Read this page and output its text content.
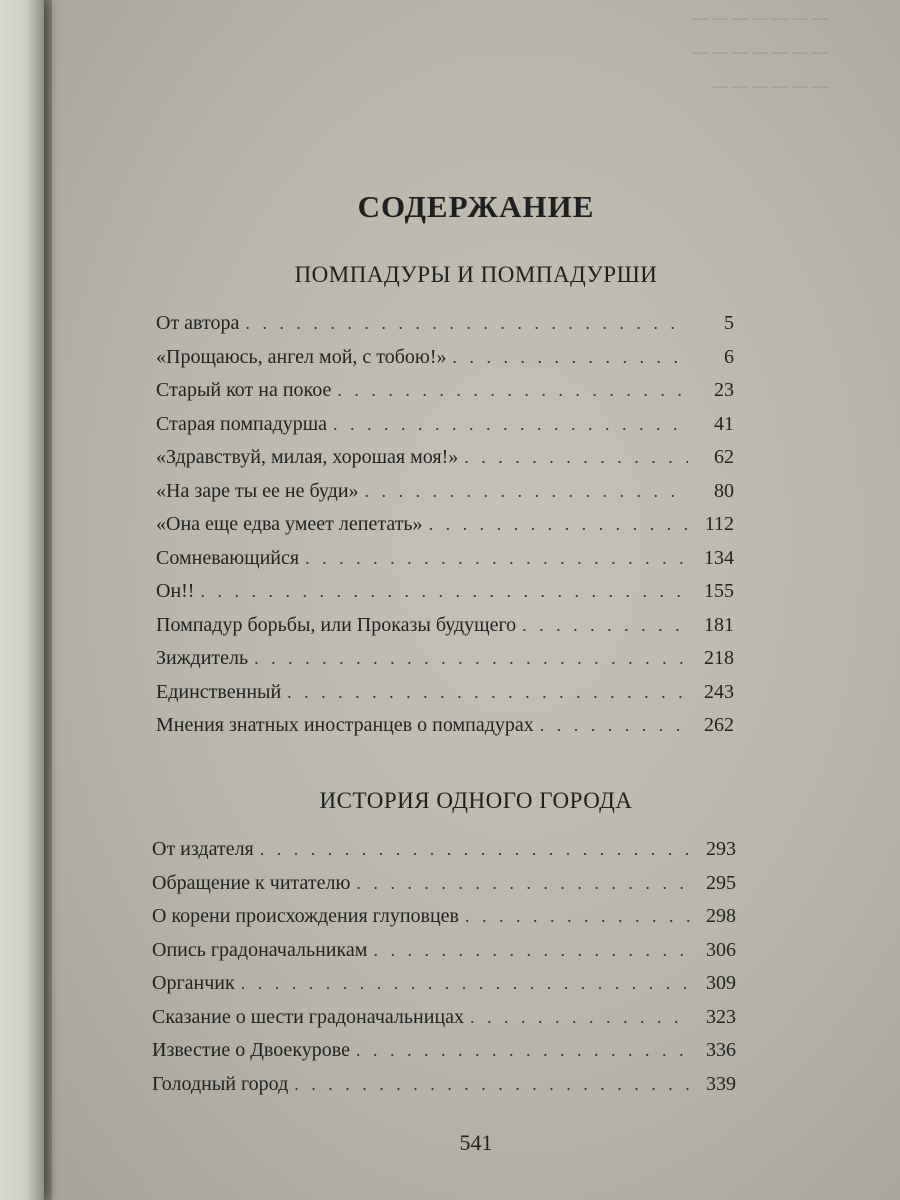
— — — — — — —
— — — — — — —
— — — — — —
СОДЕРЖАНИЕ
ПОМПАДУРЫ И ПОМПАДУРШИ
От автора . . .	5
«Прощаюсь, ангел мой, с тобою!» . . .	6
Старый кот на покое . . .	23
Старая помпадурша . . .	41
«Здравствуй, милая, хорошая моя!» . . .	62
«На заре ты ее не буди» . . .	80
«Она еще едва умеет лепетать» . . .	112
Сомневающийся . . .	134
Он!! . . .	155
Помпадур борьбы, или Проказы будущего . . .	181
Зиждитель . . .	218
Единственный . . .	243
Мнения знатных иностранцев о помпадурах . . .	262
ИСТОРИЯ ОДНОГО ГОРОДА
От издателя . . .	293
Обращение к читателю . . .	295
О корени происхождения глуповцев . . .	298
Опись градоначальникам . . .	306
Органчик . . .	309
Сказание о шести градоначальницах . . .	323
Известие о Двоекурове . . .	336
Голодный город . . .	339
541
